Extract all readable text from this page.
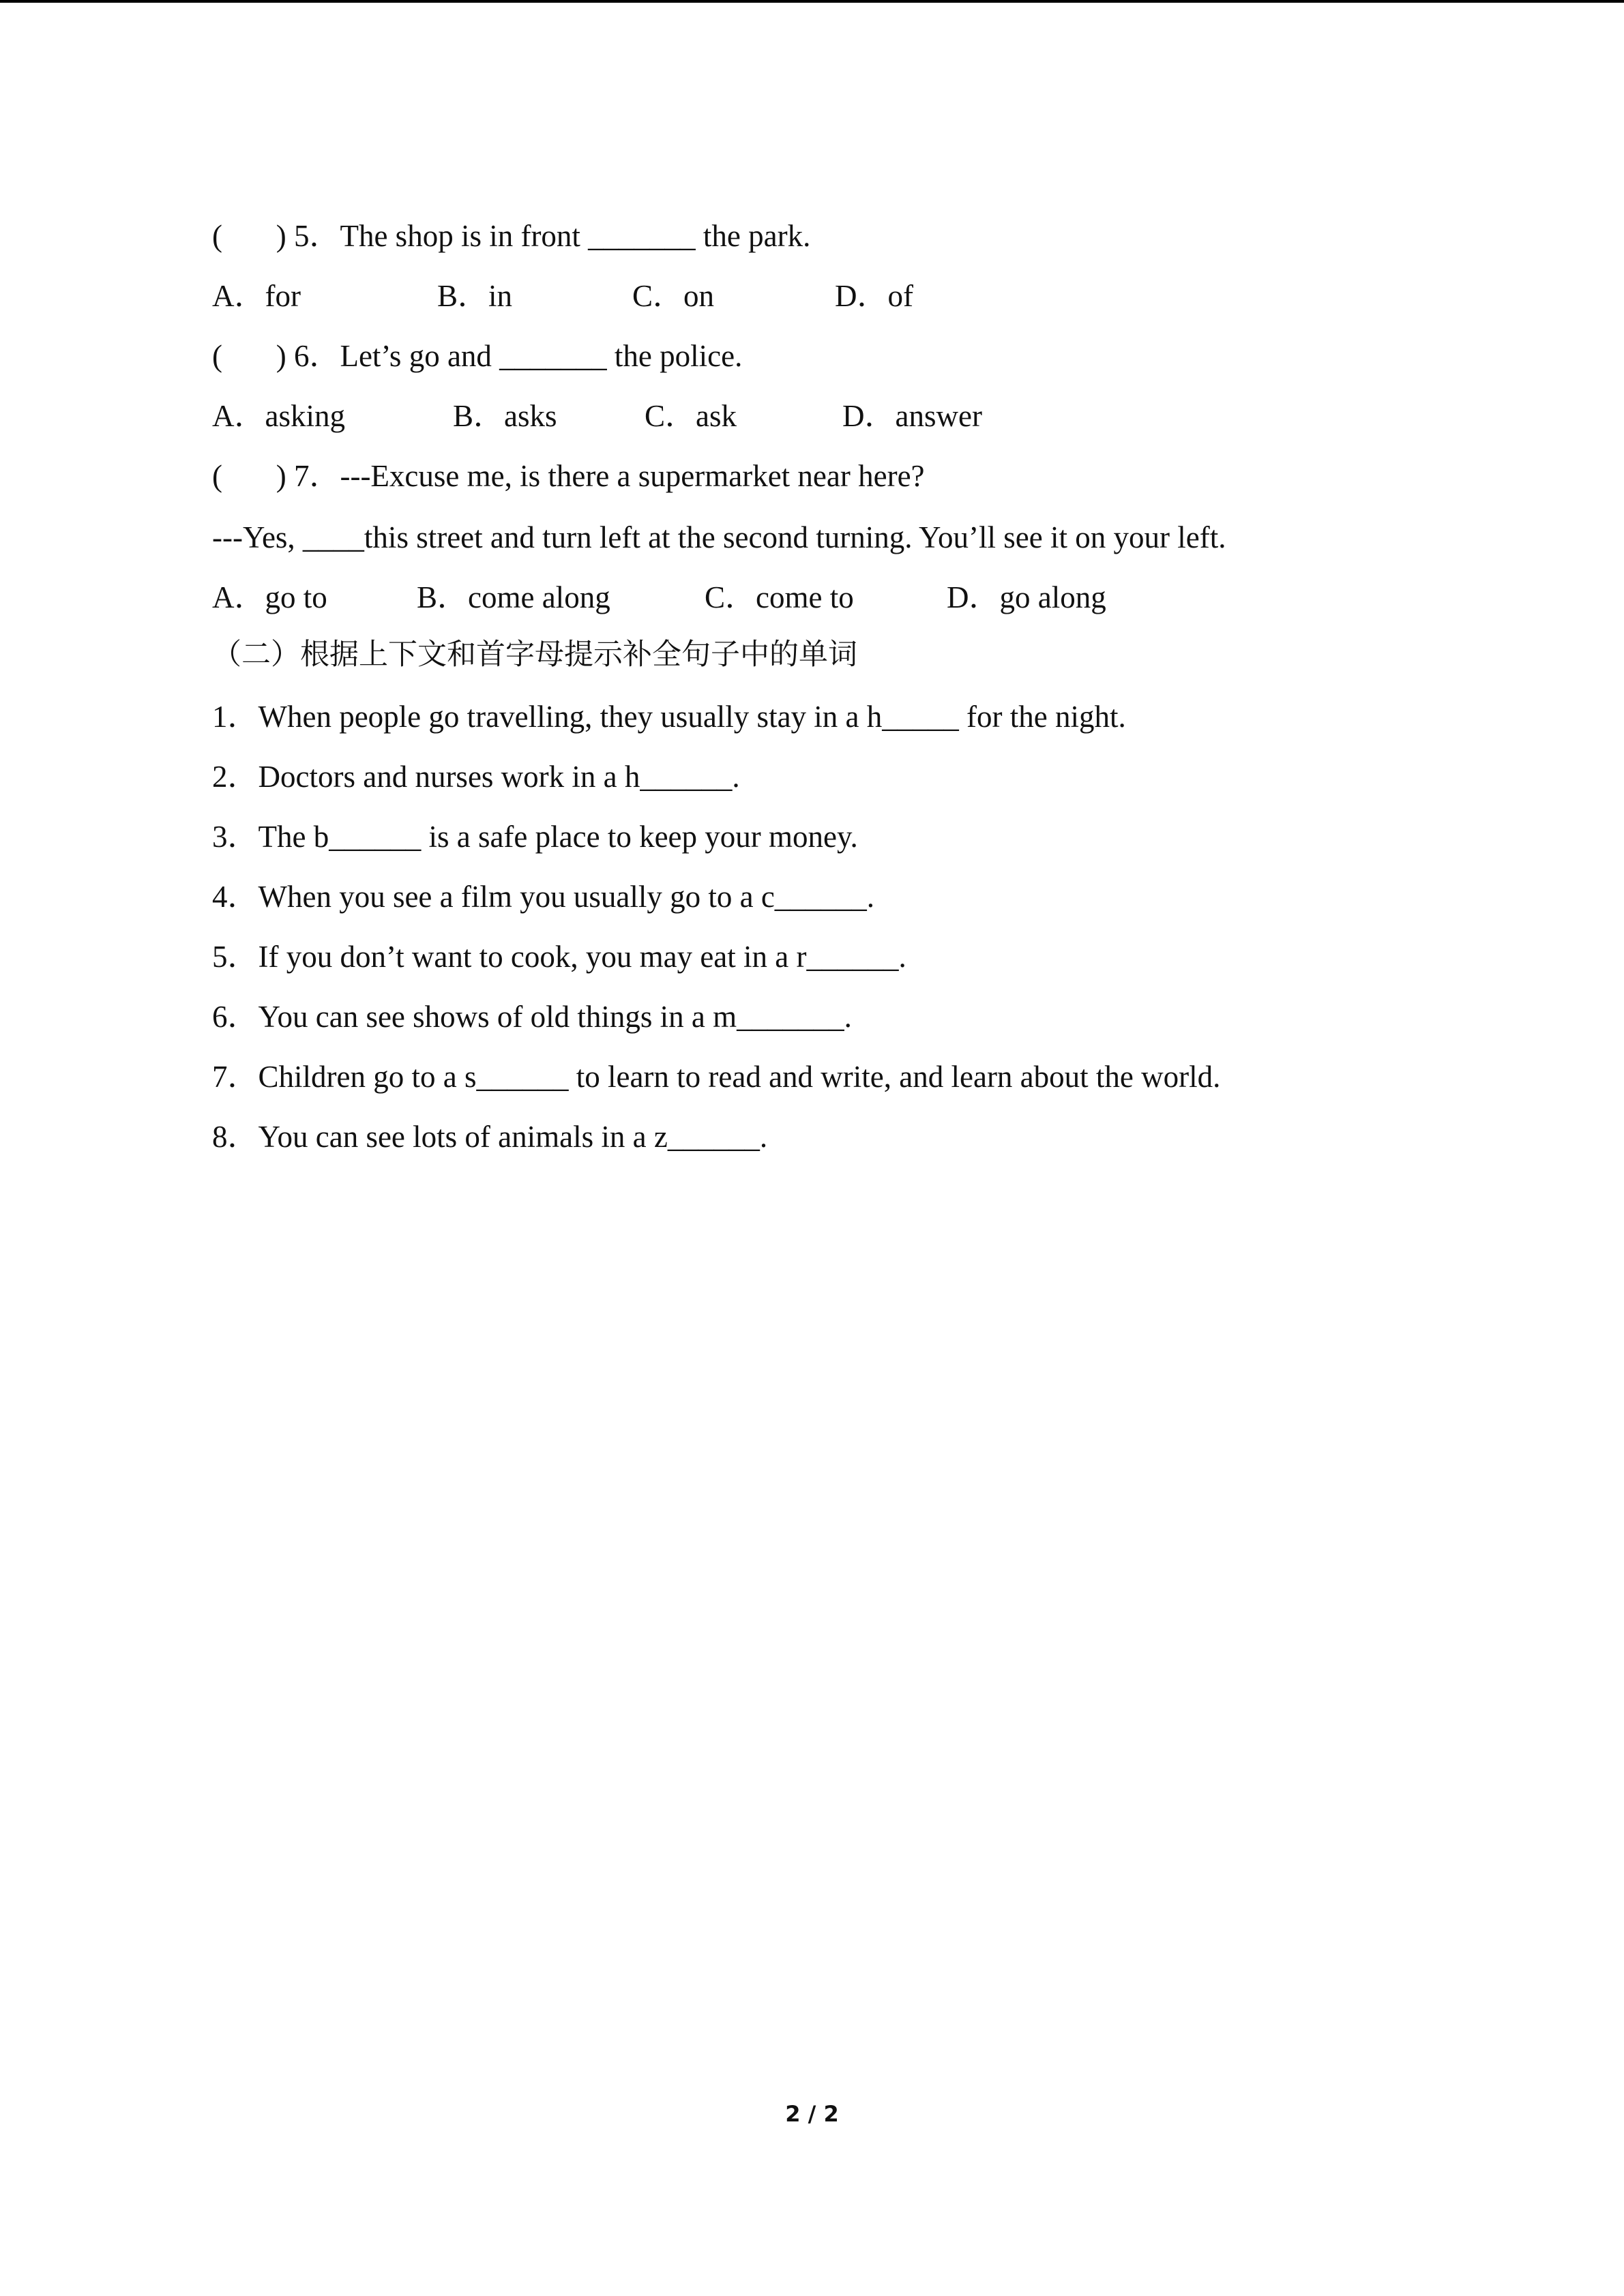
(       ) 5．The shop is in front _______ the park.
A．for	B．in	C．on	D．of
(       ) 6．Let’s go and _______ the police.
A．asking	B．asks	C．ask	D．answer
(       ) 7．---Excuse me, is there a supermarket near here?
---Yes, ____this street and turn left at the second turning. You’ll see it on your left.
A．go to	B．come along	C．come to	D．go along
（二）根据上下文和首字母提示补全句子中的单词
1．When people go travelling, they usually stay in a h_____ for the night.
2．Doctors and nurses work in a h______.
3．The b______ is a safe place to keep your money.
4．When you see a film you usually go to a c______.
5．If you don’t want to cook, you may eat in a r______.
6．You can see shows of old things in a m_______.
7．Children go to a s______ to learn to read and write, and learn about the world.
8．You can see lots of animals in a z______.
2 / 2
